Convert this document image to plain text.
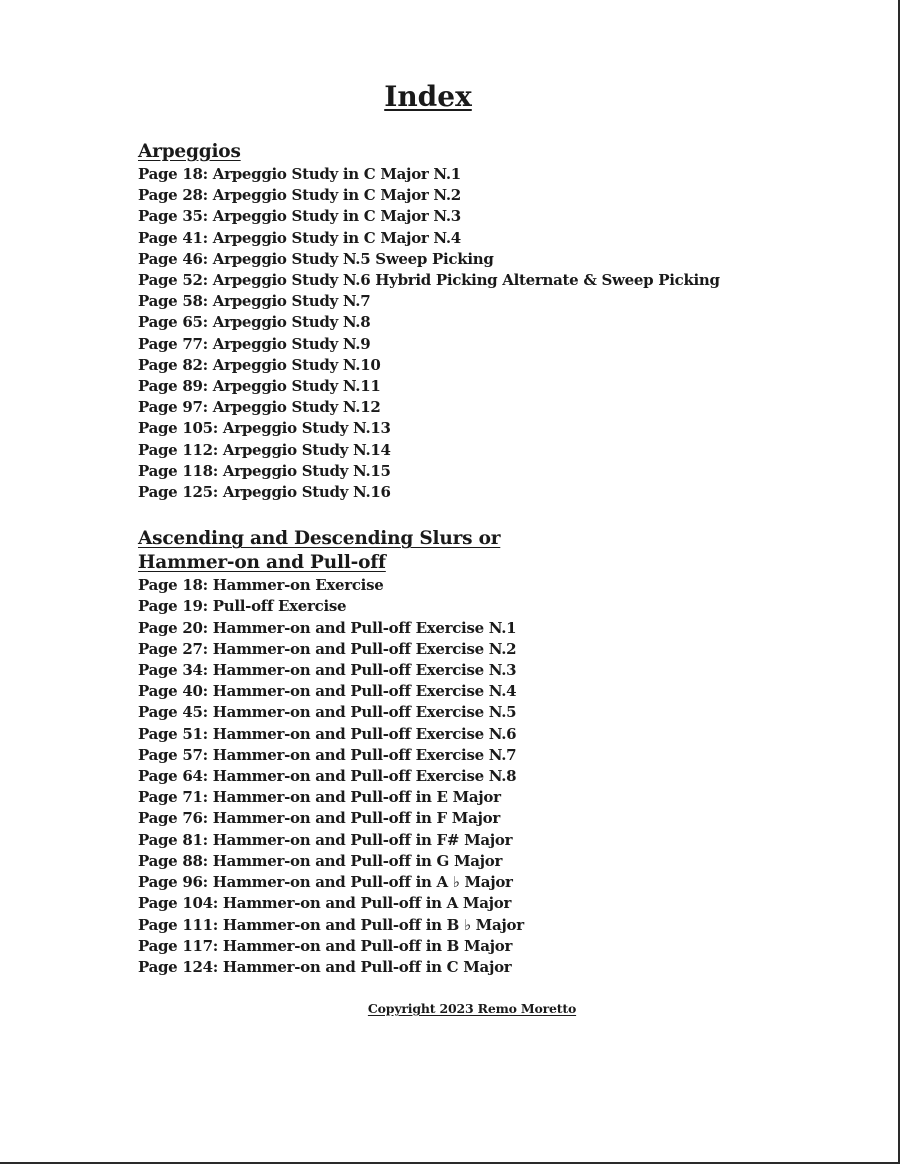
Index
Arpeggios
Page 18: Arpeggio Study in C Major N.1
Page 28: Arpeggio Study in C Major N.2
Page 35: Arpeggio Study in C Major N.3
Page 41: Arpeggio Study in C Major N.4
Page 46: Arpeggio Study N.5 Sweep Picking
Page 52: Arpeggio Study N.6 Hybrid Picking Alternate & Sweep Picking
Page 58: Arpeggio Study N.7
Page 65: Arpeggio Study N.8
Page 77: Arpeggio Study N.9
Page 82: Arpeggio Study N.10
Page 89: Arpeggio Study N.11
Page 97: Arpeggio Study N.12
Page 105: Arpeggio Study N.13
Page 112: Arpeggio Study N.14
Page 118: Arpeggio Study N.15
Page 125: Arpeggio Study N.16
Ascending and Descending Slurs or
Hammer-on and Pull-off
Page 18: Hammer-on Exercise
Page 19: Pull-off Exercise
Page 20: Hammer-on and Pull-off Exercise N.1
Page 27: Hammer-on and Pull-off Exercise N.2
Page 34: Hammer-on and Pull-off Exercise N.3
Page 40: Hammer-on and Pull-off Exercise N.4
Page 45: Hammer-on and Pull-off Exercise N.5
Page 51: Hammer-on and Pull-off Exercise N.6
Page 57: Hammer-on and Pull-off Exercise N.7
Page 64: Hammer-on and Pull-off Exercise N.8
Page 71: Hammer-on and Pull-off in E Major
Page 76: Hammer-on and Pull-off in F Major
Page 81: Hammer-on and Pull-off in F# Major
Page 88: Hammer-on and Pull-off in G Major
Page 96: Hammer-on and Pull-off in A ♭ Major
Page 104: Hammer-on and Pull-off in A Major
Page 111: Hammer-on and Pull-off in B ♭ Major
Page 117: Hammer-on and Pull-off in B Major
Page 124: Hammer-on and Pull-off in C Major
Copyright 2023 Remo Moretto
